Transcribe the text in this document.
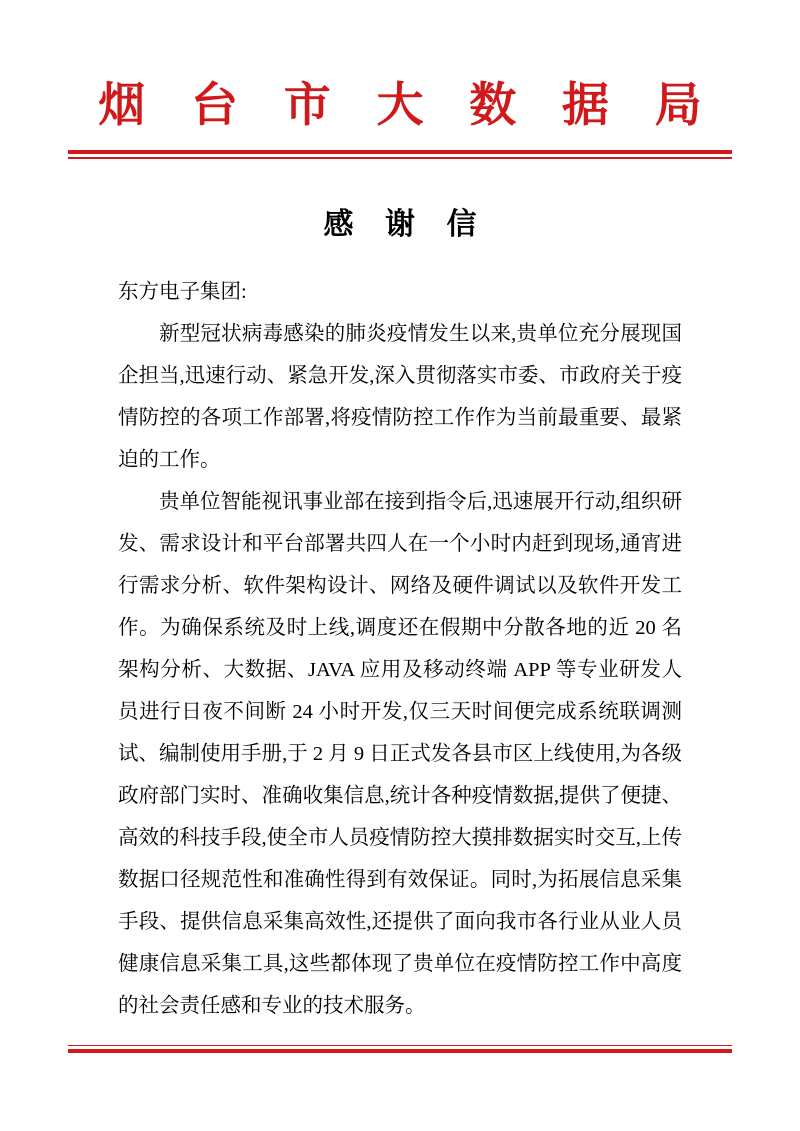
烟 台 市 大 数 据 局
感 谢 信
东方电子集团:

新型冠状病毒感染的肺炎疫情发生以来,贵单位充分展现国企担当,迅速行动、紧急开发,深入贯彻落实市委、市政府关于疫情防控的各项工作部署,将疫情防控工作作为当前最重要、最紧迫的工作。

贵单位智能视讯事业部在接到指令后,迅速展开行动,组织研发、需求设计和平台部署共四人在一个小时内赶到现场,通宵进行需求分析、软件架构设计、网络及硬件调试以及软件开发工作。为确保系统及时上线,调度还在假期中分散各地的近 20 名架构分析、大数据、JAVA 应用及移动终端 APP 等专业研发人员进行日夜不间断 24 小时开发,仅三天时间便完成系统联调测试、编制使用手册,于 2 月 9 日正式发各县市区上线使用,为各级政府部门实时、准确收集信息,统计各种疫情数据,提供了便捷、高效的科技手段,使全市人员疫情防控大摸排数据实时交互,上传数据口径规范性和准确性得到有效保证。同时,为拓展信息采集手段、提供信息采集高效性,还提供了面向我市各行业从业人员健康信息采集工具,这些都体现了贵单位在疫情防控工作中高度的社会责任感和专业的技术服务。
